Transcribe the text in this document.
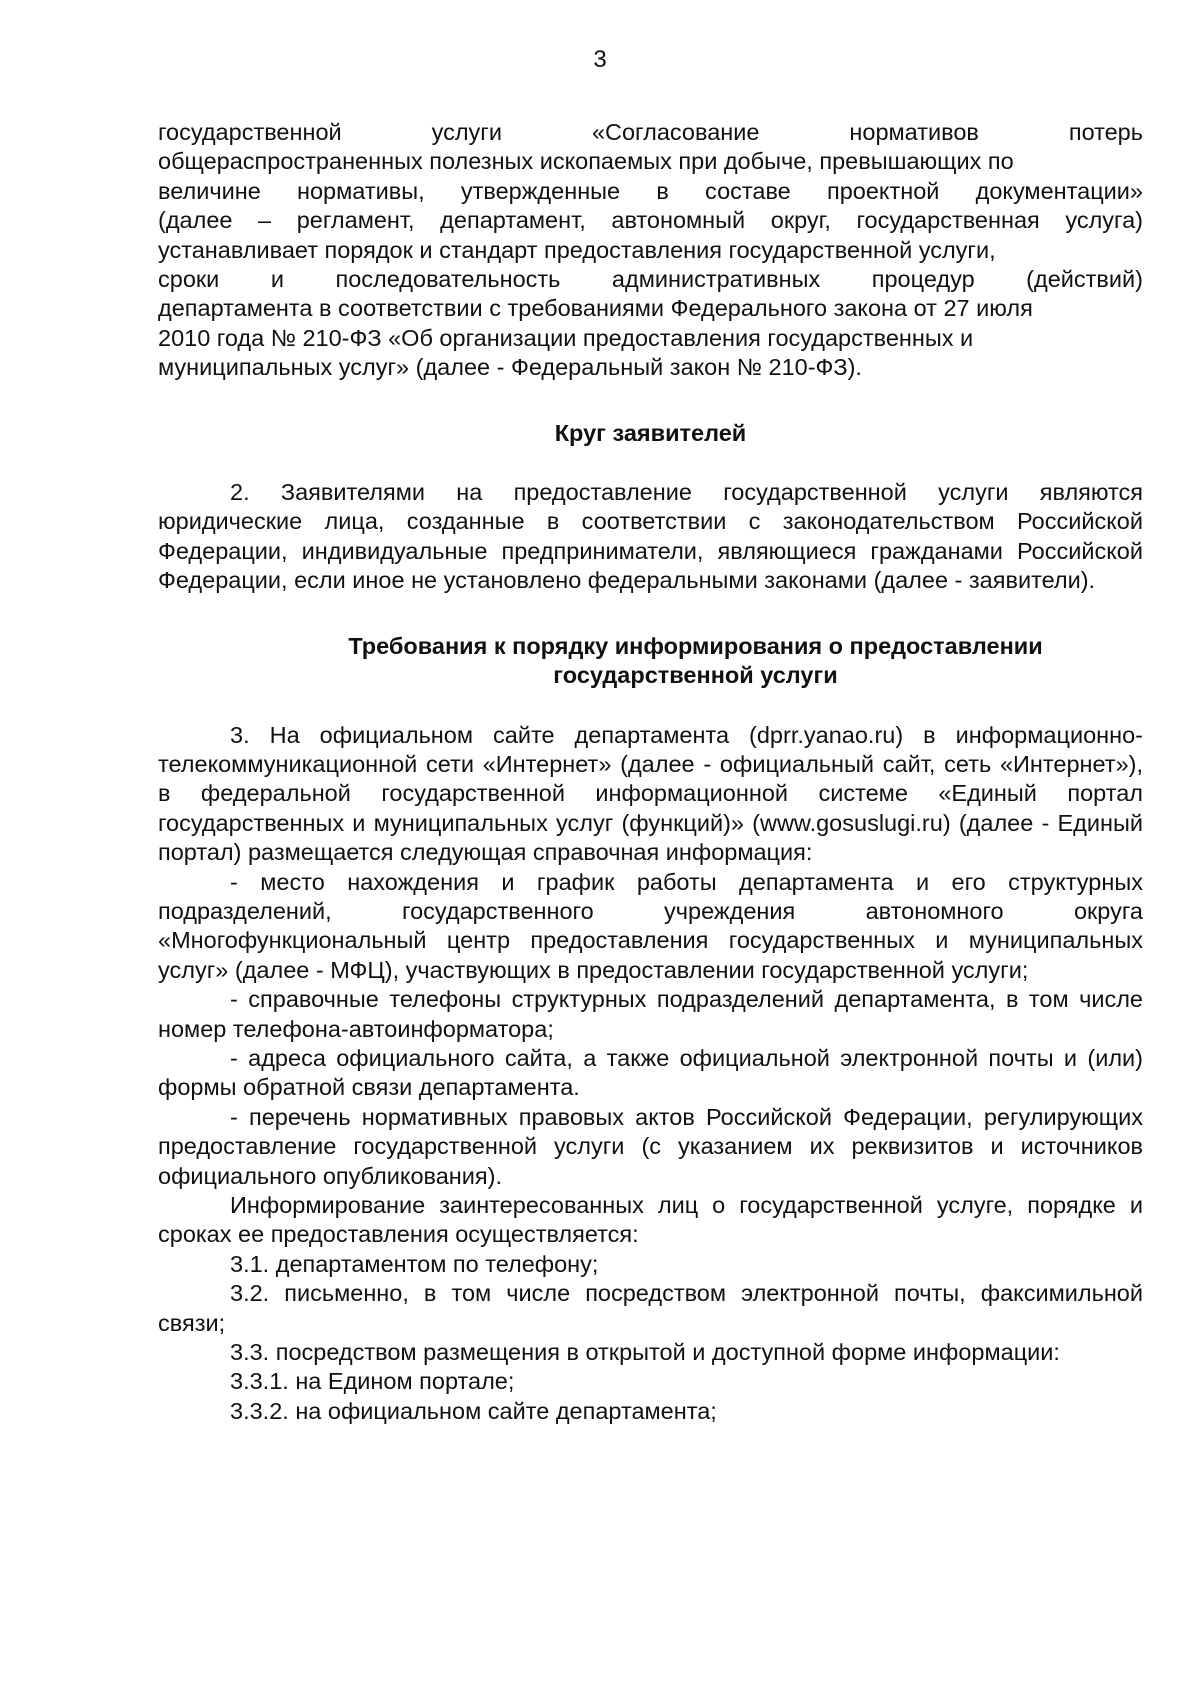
3

государственной услуги «Согласование нормативов потерь

общераспространенных полезных ископаемых при добыче, превышающих по

величине нормативы, утвержденные в составе проектной документации»

(далее – регламент, департамент, автономный округ, государственная услуга)

устанавливает порядок и стандарт предоставления государственной услуги,

сроки и последовательность административных процедур (действий)

департамента в соответствии с требованиями Федерального закона от 27 июля

2010 года № 210-ФЗ «Об организации предоставления государственных и

муниципальных услуг» (далее - Федеральный закон № 210-ФЗ).

Круг заявителей

2. Заявителями на предоставление государственной услуги являются юридические лица, созданные в соответствии с законодательством Российской Федерации, индивидуальные предприниматели, являющиеся гражданами Российской Федерации, если иное не установлено федеральными законами (далее - заявители).

Требования к порядку информирования о предоставлении государственной услуги

3. На официальном сайте департамента (dprr.yanao.ru) в информационно-телекоммуникационной сети «Интернет» (далее - официальный сайт, сеть «Интернет»), в федеральной государственной информационной системе «Единый портал государственных и муниципальных услуг (функций)» (www.gosuslugi.ru) (далее - Единый портал) размещается следующая справочная информация:

- место нахождения и график работы департамента и его структурных подразделений, государственного учреждения автономного округа «Многофункциональный центр предоставления государственных и муниципальных услуг» (далее - МФЦ), участвующих в предоставлении государственной услуги;

- справочные телефоны структурных подразделений департамента, в том числе номер телефона-автоинформатора;

- адреса официального сайта, а также официальной электронной почты и (или) формы обратной связи департамента.

- перечень нормативных правовых актов Российской Федерации, регулирующих предоставление государственной услуги (с указанием их реквизитов и источников официального опубликования).

Информирование заинтересованных лиц о государственной услуге, порядке и сроках ее предоставления осуществляется:

3.1. департаментом по телефону;

3.2. письменно, в том числе посредством электронной почты, факсимильной связи;

3.3. посредством размещения в открытой и доступной форме информации:

3.3.1. на Едином портале;

3.3.2. на официальном сайте департамента;
